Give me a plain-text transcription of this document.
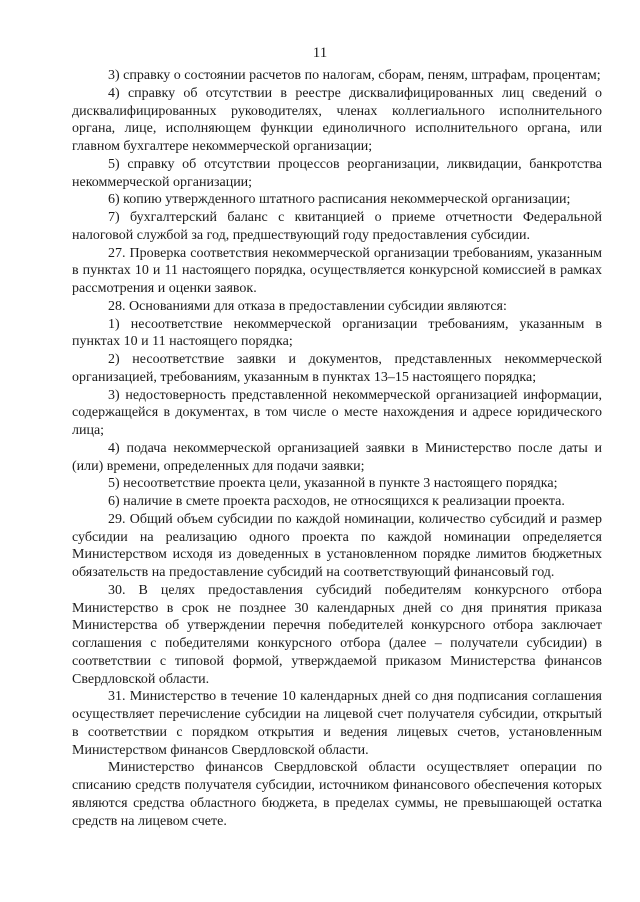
11

3) справку о состоянии расчетов по налогам, сборам, пеням, штрафам, процентам;

4) справку об отсутствии в реестре дисквалифицированных лиц сведений о дисквалифицированных руководителях, членах коллегиального исполнительного органа, лице, исполняющем функции единоличного исполнительного органа, или главном бухгалтере некоммерческой организации;

5) справку об отсутствии процессов реорганизации, ликвидации, банкротства некоммерческой организации;

6) копию утвержденного штатного расписания некоммерческой организации;

7) бухгалтерский баланс с квитанцией о приеме отчетности Федеральной налоговой службой за год, предшествующий году предоставления субсидии.

27. Проверка соответствия некоммерческой организации требованиям, указанным в пунктах 10 и 11 настоящего порядка, осуществляется конкурсной комиссией в рамках рассмотрения и оценки заявок.

28. Основаниями для отказа в предоставлении субсидии являются:

1) несоответствие некоммерческой организации требованиям, указанным в пунктах 10 и 11 настоящего порядка;

2) несоответствие заявки и документов, представленных некоммерческой организацией, требованиям, указанным в пунктах 13–15 настоящего порядка;

3) недостоверность представленной некоммерческой организацией информации, содержащейся в документах, в том числе о месте нахождения и адресе юридического лица;

4) подача некоммерческой организацией заявки в Министерство после даты и (или) времени, определенных для подачи заявки;

5) несоответствие проекта цели, указанной в пункте 3 настоящего порядка;

6) наличие в смете проекта расходов, не относящихся к реализации проекта.

29. Общий объем субсидии по каждой номинации, количество субсидий и размер субсидии на реализацию одного проекта по каждой номинации определяется Министерством исходя из доведенных в установленном порядке лимитов бюджетных обязательств на предоставление субсидий на соответствующий финансовый год.

30. В целях предоставления субсидий победителям конкурсного отбора Министерство в срок не позднее 30 календарных дней со дня принятия приказа Министерства об утверждении перечня победителей конкурсного отбора заключает соглашения с победителями конкурсного отбора (далее – получатели субсидии) в соответствии с типовой формой, утверждаемой приказом Министерства финансов Свердловской области.

31. Министерство в течение 10 календарных дней со дня подписания соглашения осуществляет перечисление субсидии на лицевой счет получателя субсидии, открытый в соответствии с порядком открытия и ведения лицевых счетов, установленным Министерством финансов Свердловской области.

Министерство финансов Свердловской области осуществляет операции по списанию средств получателя субсидии, источником финансового обеспечения которых являются средства областного бюджета, в пределах суммы, не превышающей остатка средств на лицевом счете.
